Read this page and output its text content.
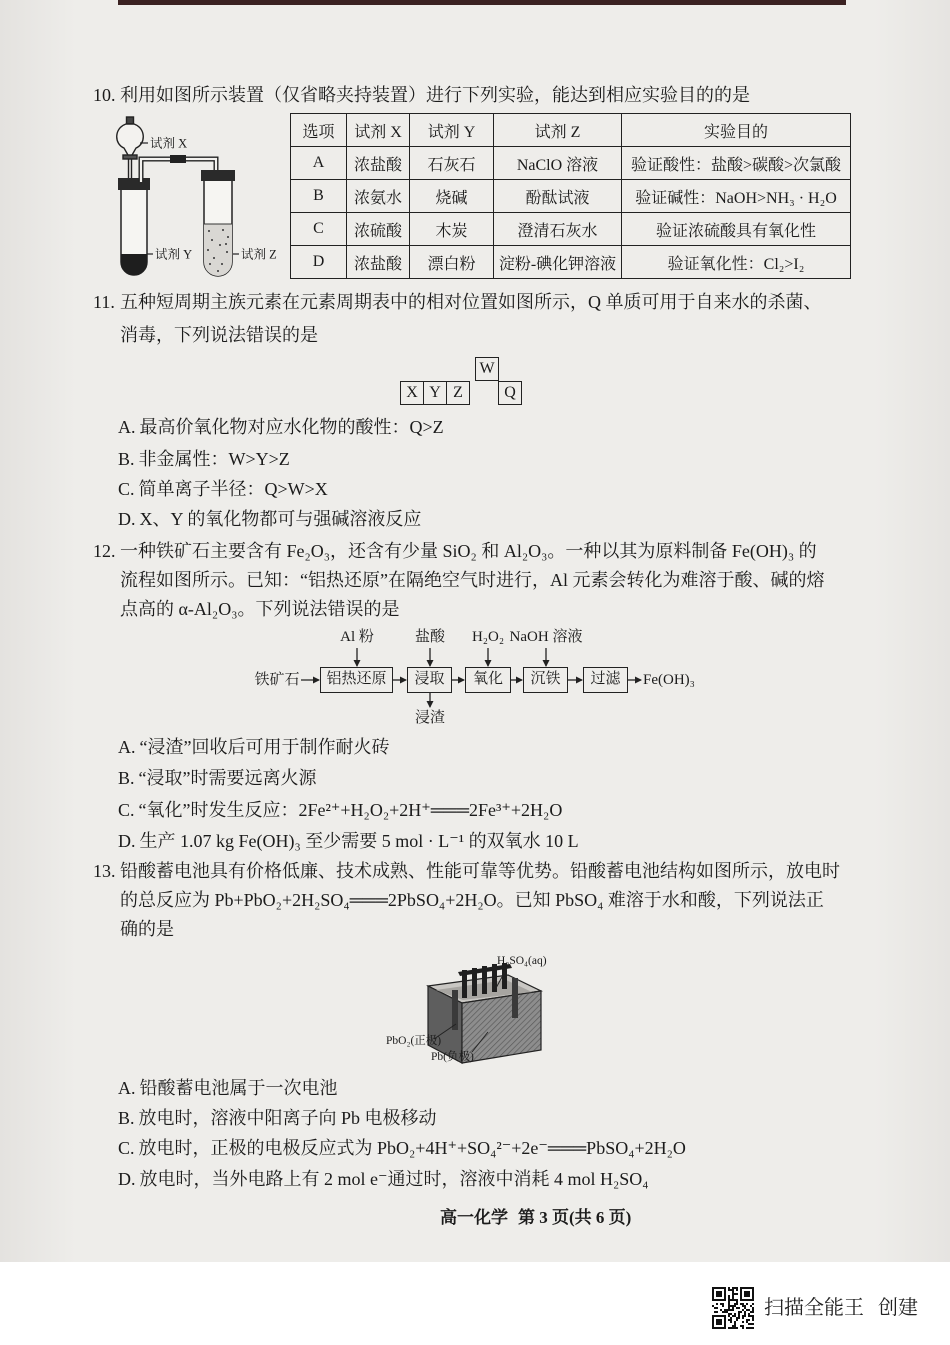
10. 利用如图所示装置（仅省略夹持装置）进行下列实验，能达到相应实验目的的是
试剂 X
试剂 Y	试剂 Z
选项	试剂 X	试剂 Y	试剂 Z	实验目的
A	浓盐酸	石灰石	NaClO 溶液	验证酸性：盐酸>碳酸>次氯酸
B	浓氨水	烧碱	酚酞试液	验证碱性：NaOH>NH₃ · H₂O
C	浓硫酸	木炭	澄清石灰水	验证浓硫酸具有氧化性
D	浓盐酸	漂白粉	淀粉-碘化钾溶液	验证氧化性：Cl₂>I₂
11. 五种短周期主族元素在元素周期表中的相对位置如图所示，Q 单质可用于自来水的杀菌、
消毒，下列说法错误的是
W
X Y Z	Q
A. 最高价氧化物对应水化物的酸性：Q>Z
B. 非金属性：W>Y>Z
C. 简单离子半径：Q>W>X
D. X、Y 的氧化物都可与强碱溶液反应
12. 一种铁矿石主要含有 Fe₂O₃，还含有少量 SiO₂ 和 Al₂O₃。一种以其为原料制备 Fe(OH)₃ 的
流程如图所示。已知：“铝热还原”在隔绝空气时进行，Al 元素会转化为难溶于酸、碱的熔
点高的 α-Al₂O₃。下列说法错误的是
Al 粉	盐酸	H₂O₂ NaOH 溶液
铁矿石	铝热还原	浸取	氧化	沉铁	过滤	Fe(OH)₃
浸渣
A. “浸渣”回收后可用于制作耐火砖
B. “浸取”时需要远离火源
C. “氧化”时发生反应：2Fe²⁺+H₂O₂+2H⁺═══2Fe³⁺+2H₂O
D. 生产 1.07 kg Fe(OH)₃ 至少需要 5 mol · L⁻¹ 的双氧水 10 L
13. 铅酸蓄电池具有价格低廉、技术成熟、性能可靠等优势。铅酸蓄电池结构如图所示，放电时
的总反应为 Pb+PbO₂+2H₂SO₄═══2PbSO₄+2H₂O。已知 PbSO₄ 难溶于水和酸，下列说法正
确的是
H₂SO₄(aq)
PbO₂(正极)
Pb(负极)
A. 铅酸蓄电池属于一次电池
B. 放电时，溶液中阳离子向 Pb 电极移动
C. 放电时，正极的电极反应式为 PbO₂+4H⁺+SO₄²⁻+2e⁻═══PbSO₄+2H₂O
D. 放电时，当外电路上有 2 mol e⁻通过时，溶液中消耗 4 mol H₂SO₄
高一化学 第 3 页(共 6 页)
扫描全能王 创建
